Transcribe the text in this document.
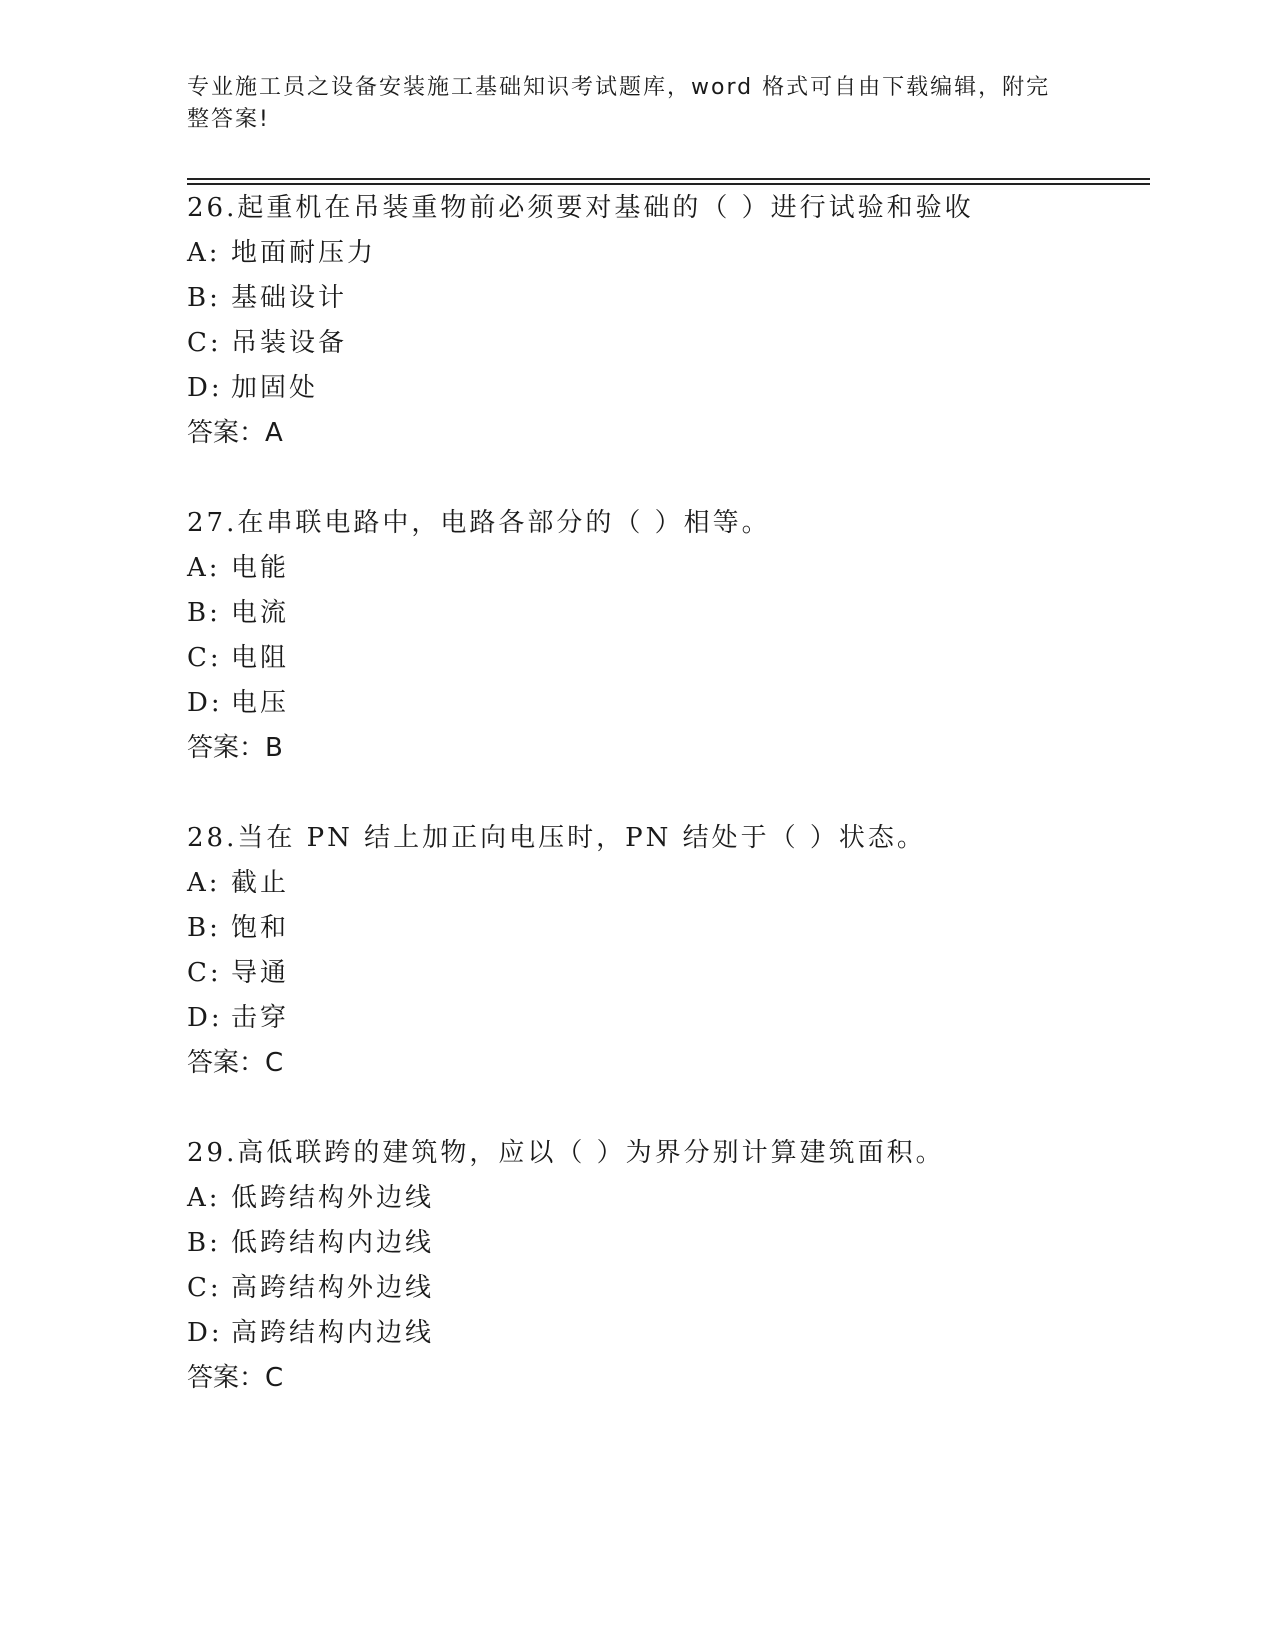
专业施工员之设备安装施工基础知识考试题库，word 格式可自由下载编辑，附完
整答案!
26.起重机在吊装重物前必须要对基础的（ ）进行试验和验收
A: 地面耐压力
B: 基础设计
C: 吊装设备
D: 加固处
答案：A
27.在串联电路中，电路各部分的（ ）相等。
A: 电能
B: 电流
C: 电阻
D: 电压
答案：B
28.当在 PN 结上加正向电压时，PN 结处于（ ）状态。
A: 截止
B: 饱和
C: 导通
D: 击穿
答案：C
29.高低联跨的建筑物，应以（ ）为界分别计算建筑面积。
A: 低跨结构外边线
B: 低跨结构内边线
C: 高跨结构外边线
D: 高跨结构内边线
答案：C
